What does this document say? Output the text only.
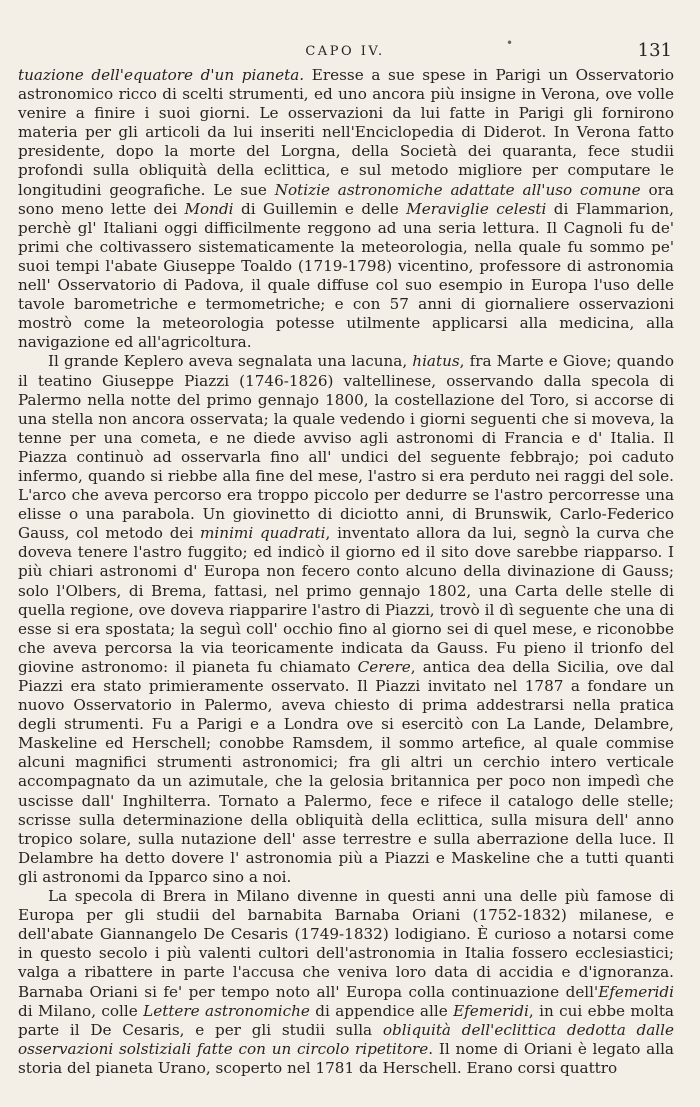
•
CAPO IV.	131

tuazione dell'equatore d'un pianeta. Eresse a sue spese in Parigi un Osservatorio astronomico ricco di scelti strumenti, ed uno ancora più insigne in Verona, ove volle venire a finire i suoi giorni. Le osservazioni da lui fatte in Parigi gli fornirono materia per gli articoli da lui inseriti nell'Enciclopedia di Diderot. In Verona fatto presidente, dopo la morte del Lorgna, della Società dei quaranta, fece studii profondi sulla obliquità della eclittica, e sul metodo migliore per computare le longitudini geografiche. Le sue Notizie astronomiche adattate all'uso comune ora sono meno lette dei Mondi di Guillemin e delle Meraviglie celesti di Flammarion, perchè gl' Italiani oggi difficilmente reggono ad una seria lettura. Il Cagnoli fu de' primi che coltivassero sistematicamente la meteorologia, nella quale fu sommo pe' suoi tempi l'abate Giuseppe Toaldo (1719-1798) vicentino, professore di astronomia nell' Osservatorio di Padova, il quale diffuse col suo esempio in Europa l'uso delle tavole barometriche e termometriche; e con 57 anni di giornaliere osservazioni mostrò come la meteorologia potesse utilmente applicarsi alla medicina, alla navigazione ed all'agricoltura.

Il grande Keplero aveva segnalata una lacuna, hiatus, fra Marte e Giove; quando il teatino Giuseppe Piazzi (1746-1826) valtellinese, osservando dalla specola di Palermo nella notte del primo gennajo 1800, la costellazione del Toro, si accorse di una stella non ancora osservata; la quale vedendo i giorni seguenti che si moveva, la tenne per una cometa, e ne diede avviso agli astronomi di Francia e d' Italia. Il Piazza continuò ad osservarla fino all' undici del seguente febbrajo; poi caduto infermo, quando si riebbe alla fine del mese, l'astro si era perduto nei raggi del sole. L'arco che aveva percorso era troppo piccolo per dedurre se l'astro percorresse una elisse o una parabola. Un giovinetto di diciotto anni, di Brunswik, Carlo-Federico Gauss, col metodo dei minimi quadrati, inventato allora da lui, segnò la curva che doveva tenere l'astro fuggito; ed indicò il giorno ed il sito dove sarebbe riapparso. I più chiari astronomi d' Europa non fecero conto alcuno della divinazione di Gauss; solo l'Olbers, di Brema, fattasi, nel primo gennajo 1802, una Carta delle stelle di quella regione, ove doveva riapparire l'astro di Piazzi, trovò il dì seguente che una di esse si era spostata; la seguì coll' occhio fino al giorno sei di quel mese, e riconobbe che aveva percorsa la via teoricamente indicata da Gauss. Fu pieno il trionfo del giovine astronomo: il pianeta fu chiamato Cerere, antica dea della Sicilia, ove dal Piazzi era stato primieramente osservato. Il Piazzi invitato nel 1787 a fondare un nuovo Osservatorio in Palermo, aveva chiesto di prima addestrarsi nella pratica degli strumenti. Fu a Parigi e a Londra ove si esercitò con La Lande, Delambre, Maskeline ed Herschell; conobbe Ramsdem, il sommo artefice, al quale commise alcuni magnifici strumenti astronomici; fra gli altri un cerchio intero verticale accompagnato da un azimutale, che la gelosia britannica per poco non impedì che uscisse dall' Inghilterra. Tornato a Palermo, fece e rifece il catalogo delle stelle; scrisse sulla determinazione della obliquità della eclittica, sulla misura dell' anno tropico solare, sulla nutazione dell' asse terrestre e sulla aberrazione della luce. Il Delambre ha detto dovere l' astronomia più a Piazzi e Maskeline che a tutti quanti gli astronomi da Ipparco sino a noi.

La specola di Brera in Milano divenne in questi anni una delle più famose di Europa per gli studii del barnabita Barnaba Oriani (1752-1832) milanese, e dell'abate Giannangelo De Cesaris (1749-1832) lodigiano. È curioso a notarsi come in questo secolo i più valenti cultori dell'astronomia in Italia fossero ecclesiastici; valga a ribattere in parte l'accusa che veniva loro data di accidia e d'ignoranza. Barnaba Oriani si fe' per tempo noto all' Europa colla continuazione dell'Efemeridi di Milano, colle Lettere astronomiche di appendice alle Efemeridi, in cui ebbe molta parte il De Cesaris, e per gli studii sulla obliquità dell'eclittica dedotta dalle osservazioni solstiziali fatte con un circolo ripetitore. Il nome di Oriani è legato alla storia del pianeta Urano, scoperto nel 1781 da Herschell. Erano corsi quattro
